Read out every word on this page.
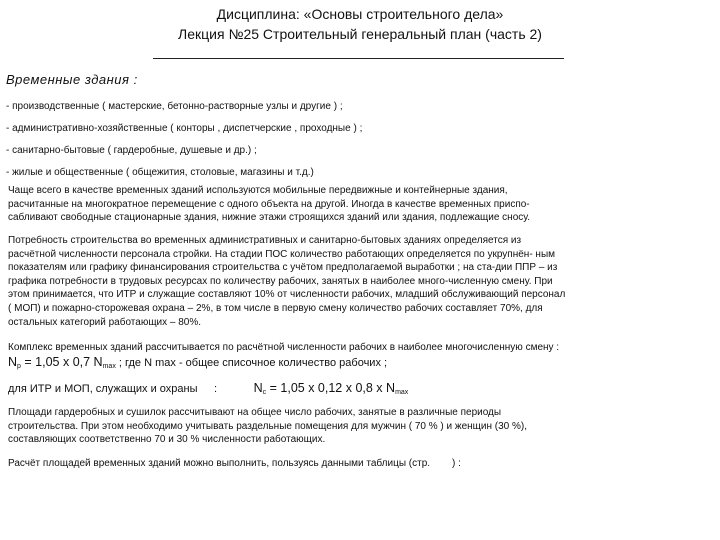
Дисциплина: «Основы строительного дела»
Лекция №25 Строительный генеральный план (часть 2)
Временные здания :
- производственные ( мастерские, бетонно-растворные узлы и другие ) ;
- административно-хозяйственные ( конторы , диспетчерские , проходные ) ;
- санитарно-бытовые ( гардеробные, душевые и др.) ;
- жилые и общественные ( общежития, столовые, магазины и т.д.)
Чаще всего в качестве временных зданий используются мобильные передвижные и контейнерные здания,
расчитанные на многократное перемещение с одного объекта на другой. Иногда в качестве временных приспо-
сабливают свободные стационарные здания, нижние этажи строящихся зданий или здания, подлежащие сносу.
Потребность строительства во временных административных и санитарно-бытовых зданиях определяется из
расчётной численности персонала стройки. На стадии ПОС количество работающих определяется по укрупнён- ным
показателям или графику финансирования строительства с учётом предполагаемой выработки ; на ста-дии ППР – из
графика потребности в трудовых ресурсах по количеству рабочих, занятых в наиболее много-численную смену. При
этом принимается, что ИТР и служащие составляют 10% от численности рабочих, младший обслуживающий персонал
( МОП) и пожарно-сторожевая охрана – 2%, в том числе в первую смену количество рабочих составляет 70%, для
остальных категорий работающих – 80%.
Комплекс временных зданий рассчитывается по расчётной численности рабочих в наиболее многочисленную смену :
$N_р = 1,05$ х 0,7 $N_{max}$ ; где N max - общее списочное количество рабочих ;
для ИТР и МОП, служащих и охраны :	$N_с = 1,05$ х 0,12 х 0,8 х $N_{max}$
Площади гардеробных и сушилок рассчитывают на общее число рабочих, занятые в различные периоды
строительства. При этом необходимо учитывать раздельные помещения для мужчин ( 70 % ) и женщин (30 %),
составляющих соответственно 70 и 30 % численности работающих.
Расчёт площадей временных зданий можно выполнить, пользуясь данными таблицы (стр. ) :
